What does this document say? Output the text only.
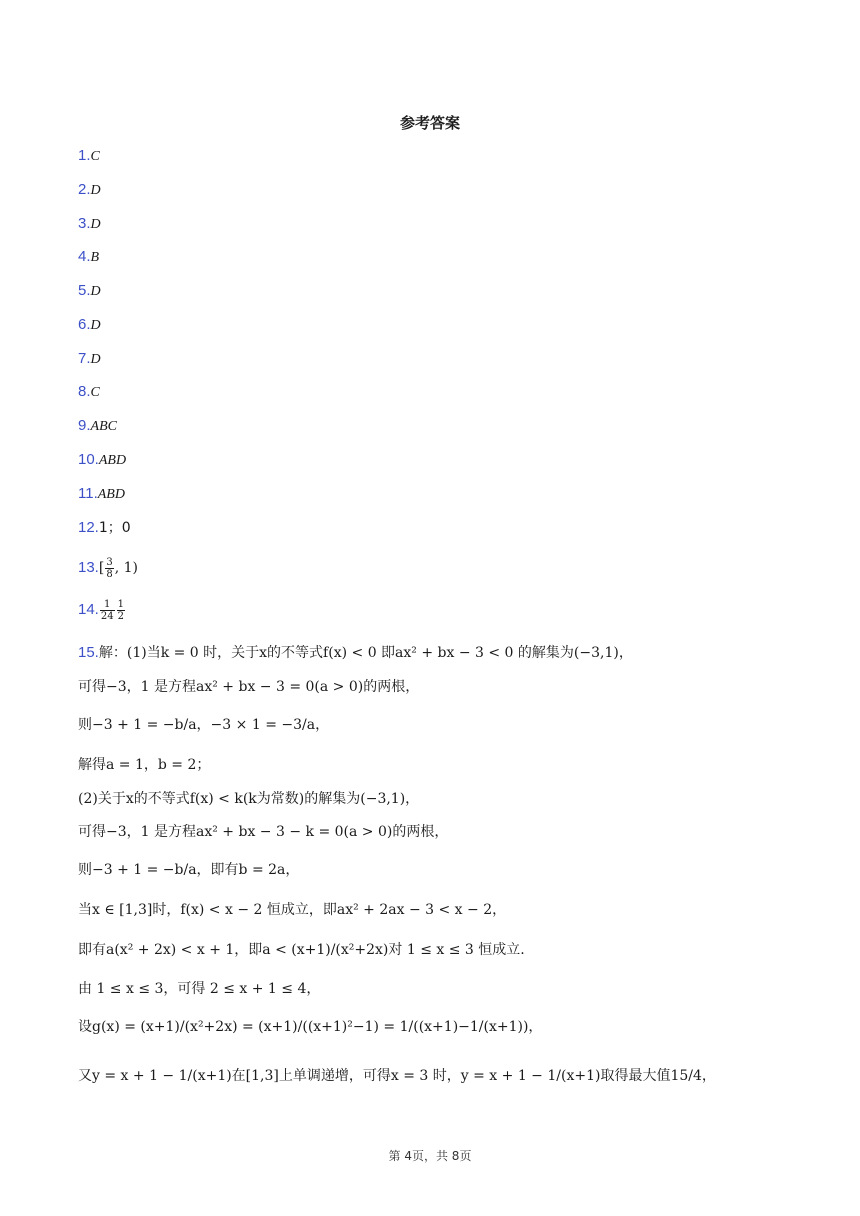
参考答案
1.C
2.D
3.D
4.B
5.D
6.D
7.D
8.C
9.ABC
10.ABD
11.ABD
12.1；0
$13.[ \frac{3}{8}$ , 1)
14. $\frac{1}{24} \frac{1}{2}$
15.解：(1)当k = 0 时，关于x的不等式f(x) < 0 即ax² + bx − 3 < 0 的解集为(−3,1)，
可得−3，1 是方程ax² + bx − 3 = 0(a > 0)的两根，
则−3 + 1 = −b/a，−3 × 1 = −3/a，
解得a = 1，b = 2；
(2)关于x的不等式f(x) < k(k为常数)的解集为(−3,1)，
可得−3，1 是方程ax² + bx − 3 − k = 0(a > 0)的两根，
则−3 + 1 = −b/a，即有b = 2a，
当x ∈ [1,3]时，f(x) < x − 2 恒成立，即ax² + 2ax − 3 < x − 2，
即有a(x² + 2x) < x + 1，即a < (x+1)/(x²+2x)对 1 ≤ x ≤ 3 恒成立.
由 1 ≤ x ≤ 3，可得 2 ≤ x + 1 ≤ 4，
设g(x) = (x+1)/(x²+2x) = (x+1)/((x+1)²−1) = 1/((x+1)−1/(x+1))，
又y = x + 1 − 1/(x+1)在[1,3]上单调递增，可得x = 3 时，y = x + 1 − 1/(x+1)取得最大值15/4，
第 4页，共 8页
